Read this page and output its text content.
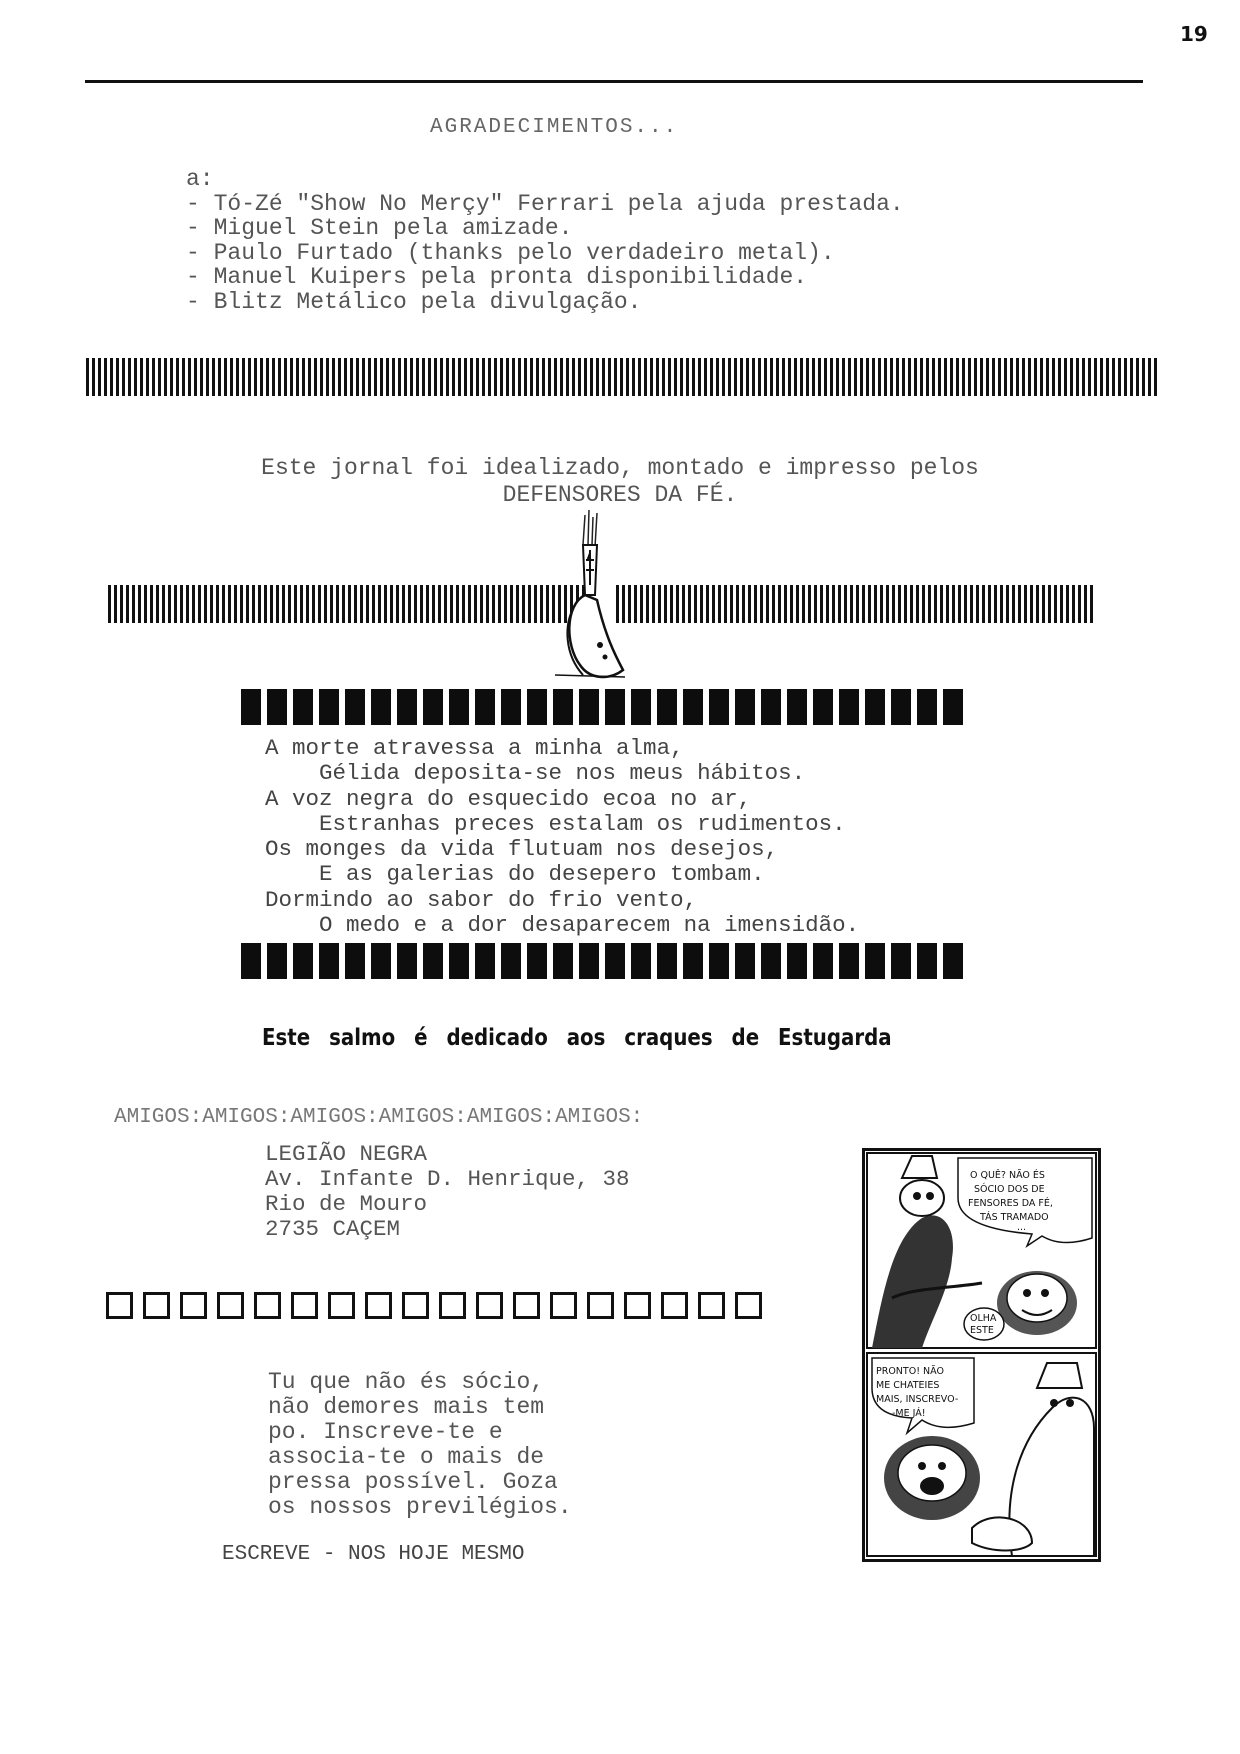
19
AGRADECIMENTOS...
a:
- Tó-Zé "Show No Merçy" Ferrari pela ajuda prestada.
- Miguel Stein pela amizade.
- Paulo Furtado (thanks pelo verdadeiro metal).
- Manuel Kuipers pela pronta disponibilidade.
- Blitz Metálico pela divulgação.
Este jornal foi idealizado, montado e impresso pelos
DEFENSORES DA FÉ.
A morte atravessa a minha alma,
Gélida deposita-se nos meus hábitos.
A voz negra do esquecido ecoa no ar,
Estranhas preces estalam os rudimentos.
Os monges da vida flutuam nos desejos,
E as galerias do desepero tombam.
Dormindo ao sabor do frio vento,
O medo e a dor desaparecem na imensidão.
Este salmo é dedicado aos craques de Estugarda
AMIGOS:AMIGOS:AMIGOS:AMIGOS:AMIGOS:AMIGOS:
LEGIÃO NEGRA
Av. Infante D. Henrique, 38
Rio de Mouro
2735 CAÇEM
Tu que não és sócio,
não demores mais tem
po. Inscreve-te e
associa-te o mais de
pressa possível. Goza
os nossos previlégios.
ESCREVE - NOS HOJE MESMO
O QUÊ? NÃO ÉS
SÓCIO DOS DE
FENSORES DA FÉ,
TÁS TRAMADO
...
OLHA
ESTE
PRONTO! NÃO
ME CHATEIES
MAIS, INSCREVO-
-ME JÁ!
